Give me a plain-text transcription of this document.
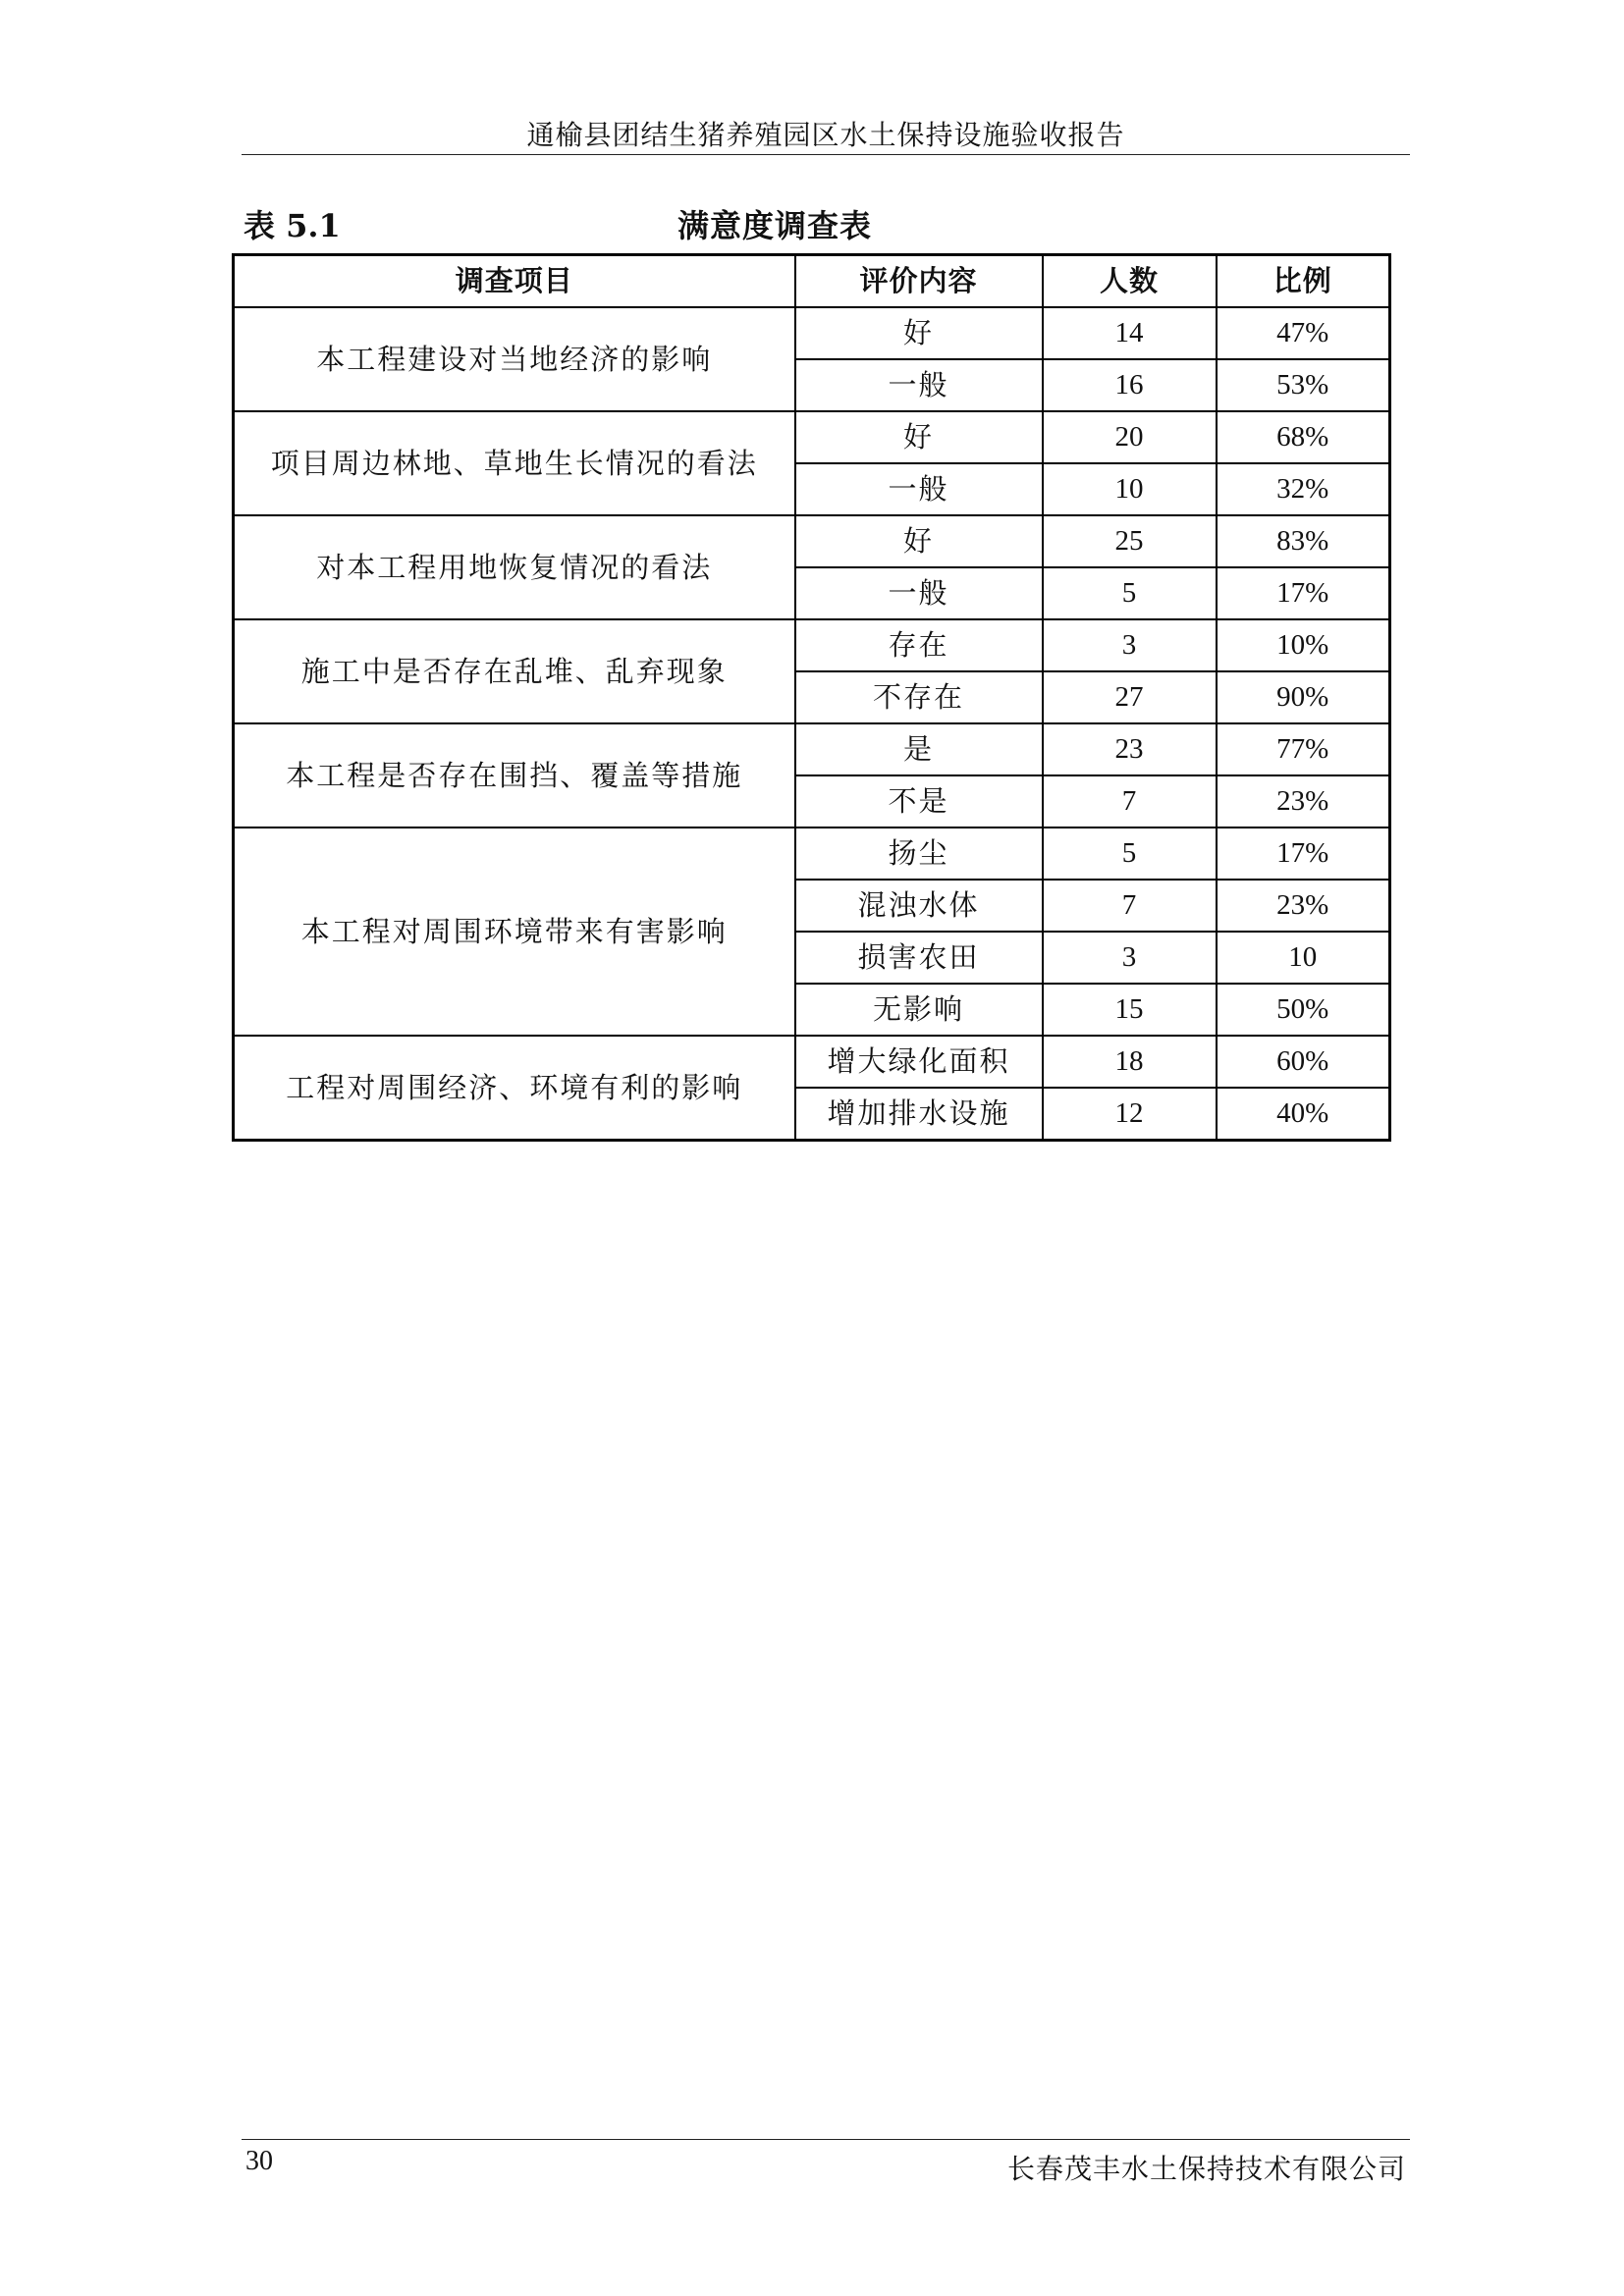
通榆县团结生猪养殖园区水土保持设施验收报告
表 5.1	满意度调查表
调查项目	评价内容	人数	比例
本工程建设对当地经济的影响	好	14	47%
	一般	16	53%
项目周边林地、草地生长情况的看法	好	20	68%
	一般	10	32%
对本工程用地恢复情况的看法	好	25	83%
	一般	5	17%
施工中是否存在乱堆、乱弃现象	存在	3	10%
	不存在	27	90%
本工程是否存在围挡、覆盖等措施	是	23	77%
	不是	7	23%
本工程对周围环境带来有害影响	扬尘	5	17%
	混浊水体	7	23%
	损害农田	3	10
	无影响	15	50%
工程对周围经济、环境有利的影响	增大绿化面积	18	60%
	增加排水设施	12	40%
30	长春茂丰水土保持技术有限公司
